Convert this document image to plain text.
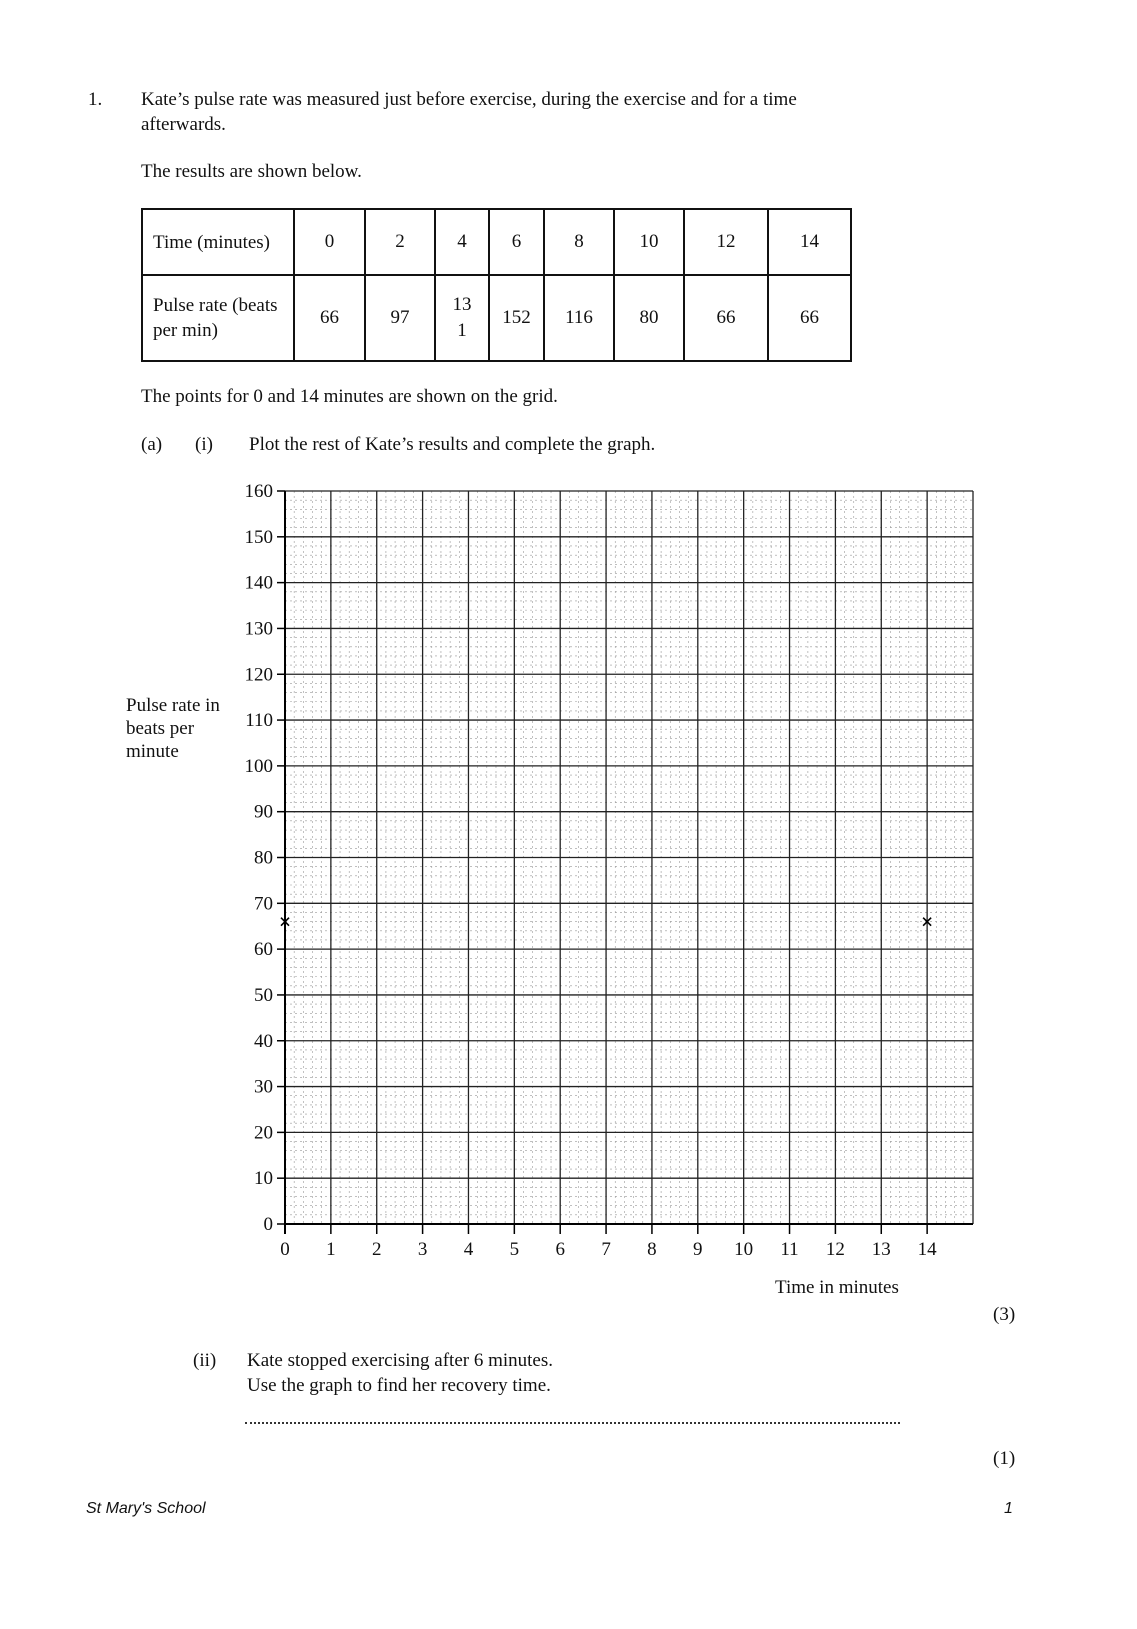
1. Kate’s pulse rate was measured just before exercise, during the exercise and for a time
afterwards.
The results are shown below.
Time (minutes)	0	2	4	6	8	10	12	14
Pulse rate (beats per min)	66	97	131	152	116	80	66	66
The points for 0 and 14 minutes are shown on the grid.
(a) (i) Plot the rest of Kate’s results and complete the graph.
Pulse rate in
beats per
minute
0
10
20
30
40
50
60
70
80
90
100
110
120
130
140
150
160
0 1 2 3 4 5 6 7 8 9 10 11 12 13 14
Time in minutes
(3)
(ii) Kate stopped exercising after 6 minutes.
Use the graph to find her recovery time.
(1)
St Mary's School	1
